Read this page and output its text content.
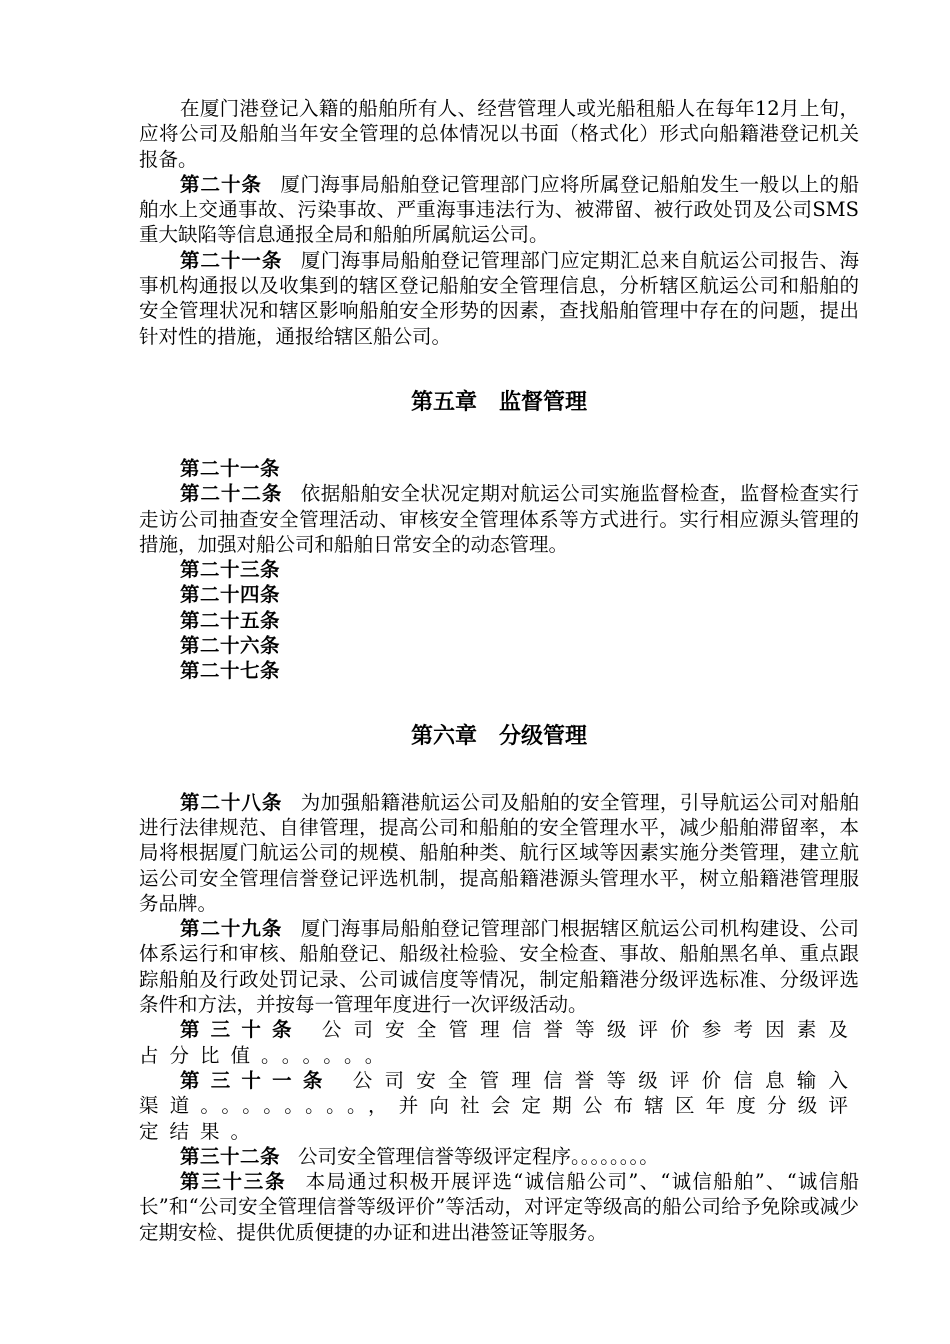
在厦门港登记入籍的船舶所有人、经营管理人或光船租船人在每年12月上旬，应将公司及船舶当年安全管理的总体情况以书面（格式化）形式向船籍港登记机关报备。

第二十条 厦门海事局船舶登记管理部门应将所属登记船舶发生一般以上的船舶水上交通事故、污染事故、严重海事违法行为、被滞留、被行政处罚及公司SMS重大缺陷等信息通报全局和船舶所属航运公司。

第二十一条 厦门海事局船舶登记管理部门应定期汇总来自航运公司报告、海事机构通报以及收集到的辖区登记船舶安全管理信息，分析辖区航运公司和船舶的安全管理状况和辖区影响船舶安全形势的因素，查找船舶管理中存在的问题，提出针对性的措施，通报给辖区船公司。

第五章　监督管理

第二十一条

第二十二条 依据船舶安全状况定期对航运公司实施监督检查，监督检查实行走访公司抽查安全管理活动、审核安全管理体系等方式进行。实行相应源头管理的措施，加强对船公司和船舶日常安全的动态管理。

第二十三条

第二十四条

第二十五条

第二十六条

第二十七条

第六章　分级管理

第二十八条 为加强船籍港航运公司及船舶的安全管理，引导航运公司对船舶进行法律规范、自律管理，提高公司和船舶的安全管理水平，减少船舶滞留率，本局将根据厦门航运公司的规模、船舶种类、航行区域等因素实施分类管理，建立航运公司安全管理信誉登记评选机制，提高船籍港源头管理水平，树立船籍港管理服务品牌。

第二十九条 厦门海事局船舶登记管理部门根据辖区航运公司机构建设、公司体系运行和审核、船舶登记、船级社检验、安全检查、事故、船舶黑名单、重点跟踪船舶及行政处罚记录、公司诚信度等情况，制定船籍港分级评选标准、分级评选条件和方法，并按每一管理年度进行一次评级活动。

第三十条 公司安全管理信誉等级评价参考因素及占分比值。。。。。。

第三十一条 公司安全管理信誉等级评价信息输入渠道。。。。。。。。，并向社会定期公布辖区年度分级评定结果。

第三十二条 公司安全管理信誉等级评定程序。。。。。。。。

第三十三条 本局通过积极开展评选“诚信船公司”、“诚信船舶”、“诚信船长”和“公司安全管理信誉等级评价”等活动，对评定等级高的船公司给予免除或减少定期安检、提供优质便捷的办证和进出港签证等服务。
